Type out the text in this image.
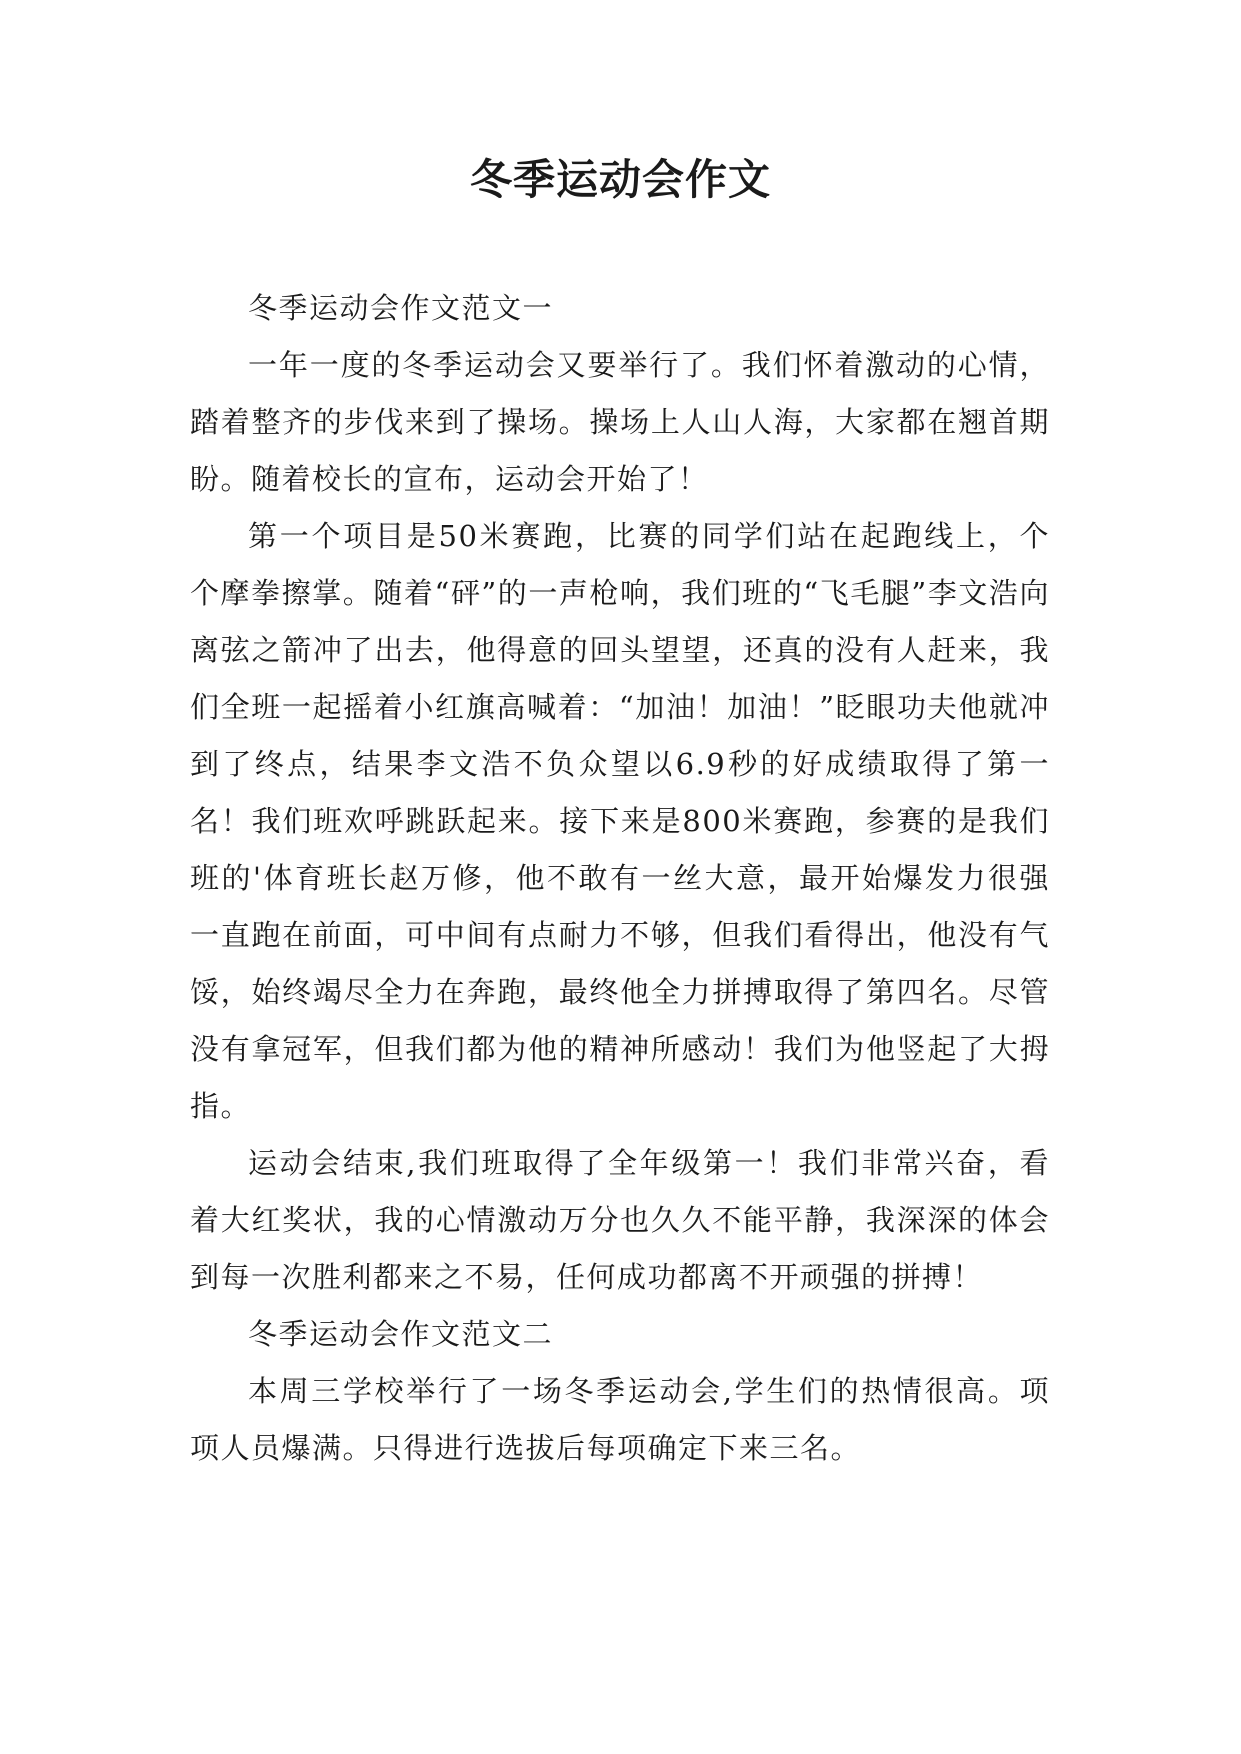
冬季运动会作文

冬季运动会作文范文一

一年一度的冬季运动会又要举行了。我们怀着激动的心情，踏着整齐的步伐来到了操场。操场上人山人海，大家都在翘首期盼。随着校长的宣布，运动会开始了！

第一个项目是50米赛跑，比赛的同学们站在起跑线上，个个摩拳擦掌。随着“砰”的一声枪响，我们班的“飞毛腿”李文浩向离弦之箭冲了出去，他得意的回头望望，还真的没有人赶来，我们全班一起摇着小红旗高喊着：“加油！加油！”眨眼功夫他就冲到了终点，结果李文浩不负众望以6.9秒的好成绩取得了第一名！我们班欢呼跳跃起来。接下来是800米赛跑，参赛的是我们班的'体育班长赵万修，他不敢有一丝大意，最开始爆发力很强一直跑在前面，可中间有点耐力不够，但我们看得出，他没有气馁，始终竭尽全力在奔跑，最终他全力拼搏取得了第四名。尽管没有拿冠军，但我们都为他的精神所感动！我们为他竖起了大拇指。

运动会结束,我们班取得了全年级第一！我们非常兴奋，看着大红奖状，我的心情激动万分也久久不能平静，我深深的体会到每一次胜利都来之不易，任何成功都离不开顽强的拼搏！

冬季运动会作文范文二

本周三学校举行了一场冬季运动会,学生们的热情很高。项项人员爆满。只得进行选拔后每项确定下来三名。
